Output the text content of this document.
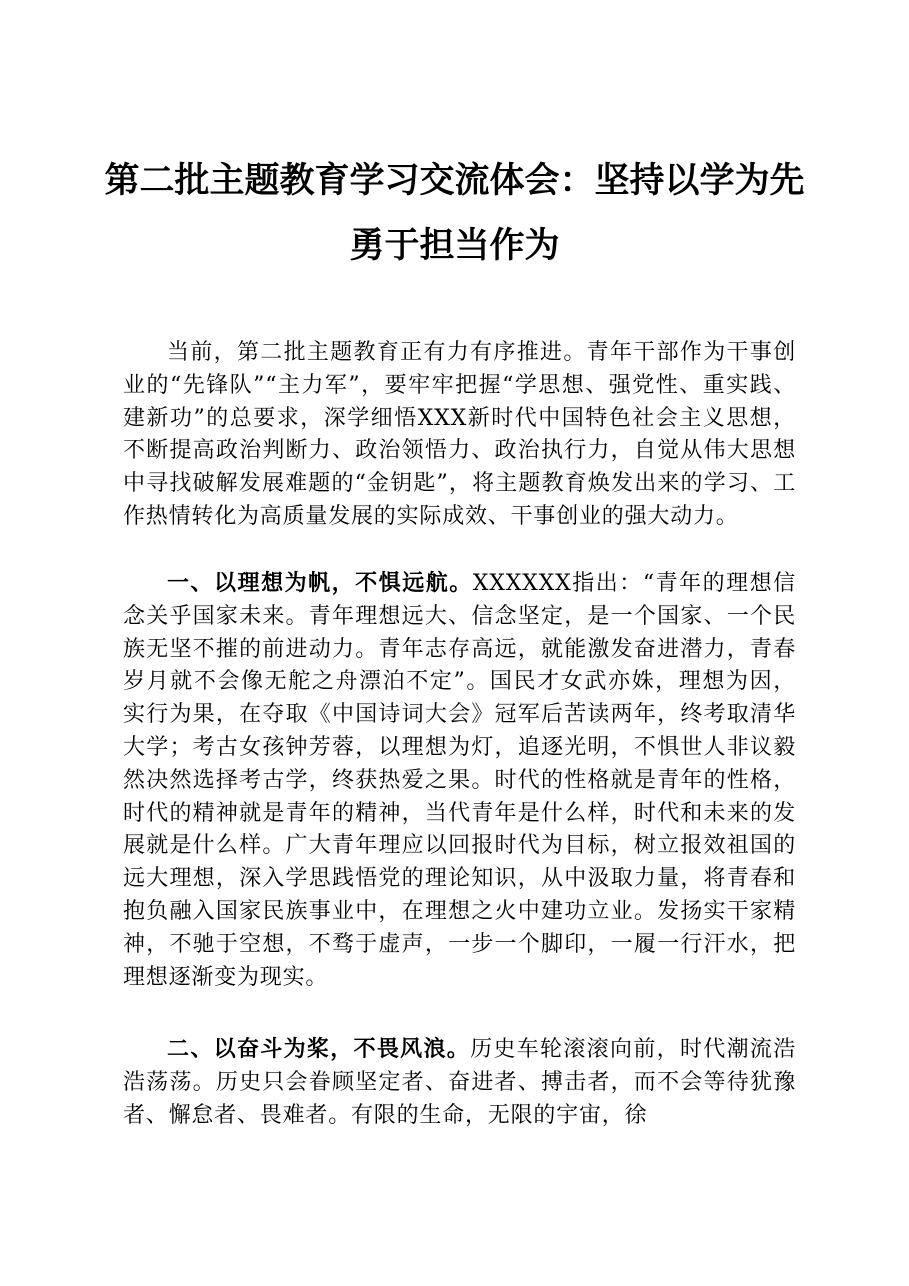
第二批主题教育学习交流体会：坚持以学为先
勇于担当作为

当前，第二批主题教育正有力有序推进。青年干部作为干事创业的“先锋队”“主力军”，要牢牢把握“学思想、强党性、重实践、建新功”的总要求，深学细悟XXX新时代中国特色社会主义思想，不断提高政治判断力、政治领悟力、政治执行力，自觉从伟大思想中寻找破解发展难题的“金钥匙”，将主题教育焕发出来的学习、工作热情转化为高质量发展的实际成效、干事创业的强大动力。

一、以理想为帆，不惧远航。XXXXXX指出：“青年的理想信念关乎国家未来。青年理想远大、信念坚定，是一个国家、一个民族无坚不摧的前进动力。青年志存高远，就能激发奋进潜力，青春岁月就不会像无舵之舟漂泊不定”。国民才女武亦姝，理想为因，实行为果，在夺取《中国诗词大会》冠军后苦读两年，终考取清华大学；考古女孩钟芳蓉，以理想为灯，追逐光明，不惧世人非议毅然决然选择考古学，终获热爱之果。时代的性格就是青年的性格，时代的精神就是青年的精神，当代青年是什么样，时代和未来的发展就是什么样。广大青年理应以回报时代为目标，树立报效祖国的远大理想，深入学思践悟党的理论知识，从中汲取力量，将青春和抱负融入国家民族事业中，在理想之火中建功立业。发扬实干家精神，不驰于空想，不骛于虚声，一步一个脚印，一履一行汗水，把理想逐渐变为现实。

二、以奋斗为桨，不畏风浪。历史车轮滚滚向前，时代潮流浩浩荡荡。历史只会眷顾坚定者、奋进者、搏击者，而不会等待犹豫者、懈怠者、畏难者。有限的生命，无限的宇宙，徐
